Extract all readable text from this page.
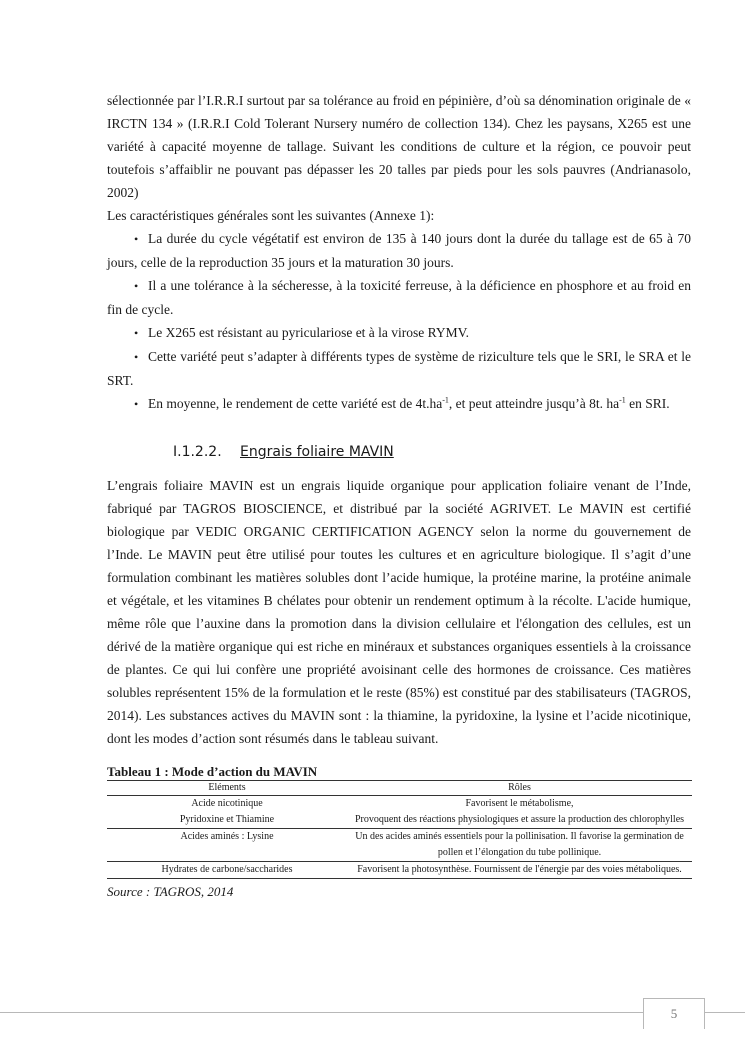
sélectionnée par l’I.R.R.I surtout par sa tolérance au froid en pépinière, d’où sa dénomination originale de « IRCTN 134 » (I.R.R.I Cold Tolerant Nursery numéro de collection 134). Chez les paysans, X265 est une variété à capacité moyenne de tallage. Suivant les conditions de culture et la région, ce pouvoir peut toutefois s’affaiblir ne pouvant pas dépasser les 20 talles par pieds pour les sols pauvres (Andrianasolo, 2002)

Les caractéristiques générales sont les suivantes (Annexe 1):
• La durée du cycle végétatif est environ de 135 à 140 jours dont la durée du tallage est de 65 à 70 jours, celle de la reproduction 35 jours et la maturation 30 jours.
• Il a une tolérance à la sécheresse, à la toxicité ferreuse, à la déficience en phosphore et au froid en fin de cycle.
• Le X265 est résistant au pyriculariose et à la virose RYMV.
• Cette variété peut s’adapter à différents types de système de riziculture tels que le SRI, le SRA et le SRT.
• En moyenne, le rendement de cette variété est de $4t.ha^{-1}$, et peut atteindre jusqu’à 8t. $ha^{-1}$ en SRI.
I.1.2.2.	Engrais foliaire MAVIN

L’engrais foliaire MAVIN est un engrais liquide organique pour application foliaire venant de l’Inde, fabriqué par TAGROS BIOSCIENCE, et distribué par la société AGRIVET. Le MAVIN est certifié biologique par VEDIC ORGANIC CERTIFICATION AGENCY selon la norme du gouvernement de l’Inde. Le MAVIN peut être utilisé pour toutes les cultures et en agriculture biologique. Il s’agit d’une formulation combinant les matières solubles dont l’acide humique, la protéine marine, la protéine animale et végétale, et les vitamines B chélates pour obtenir un rendement optimum à la récolte. L'acide humique, même rôle que l’auxine dans la promotion dans la division cellulaire et l'élongation des cellules, est un dérivé de la matière organique qui est riche en minéraux et substances organiques essentiels à la croissance de plantes. Ce qui lui confère une propriété avoisinant celle des hormones de croissance. Ces matières solubles représentent 15% de la formulation et le reste (85%) est constitué par des stabilisateurs (TAGROS, 2014). Les substances actives du MAVIN sont : la thiamine, la pyridoxine, la lysine et l’acide nicotinique, dont les modes d’action sont résumés dans le tableau suivant.

Tableau 1 : Mode d’action du MAVIN
Eléments	Rôles
Acide nicotinique	Favorisent le métabolisme,
Pyridoxine et Thiamine	Provoquent des réactions physiologiques et assure la production des chlorophylles
Acides aminés : Lysine	Un des acides aminés essentiels pour la pollinisation. Il favorise la germination de pollen et l’élongation du tube pollinique.
Hydrates de carbone/saccharides	Favorisent la photosynthèse. Fournissent de l'énergie par des voies métaboliques.
Source : TAGROS, 2014
5
